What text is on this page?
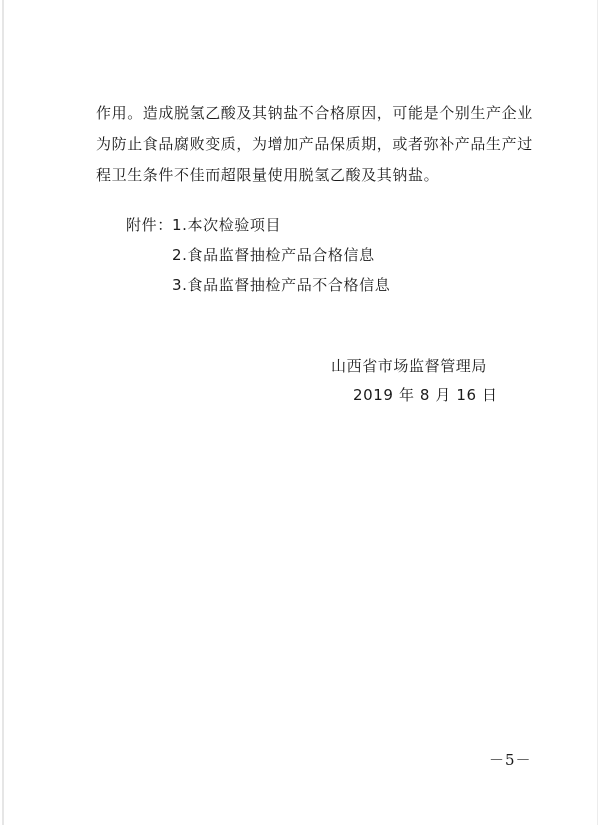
作用。造成脱氢乙酸及其钠盐不合格原因，可能是个别生产企业
为防止食品腐败变质，为增加产品保质期，或者弥补产品生产过
程卫生条件不佳而超限量使用脱氢乙酸及其钠盐。
附件： 1.本次检验项目
2.食品监督抽检产品合格信息
3.食品监督抽检产品不合格信息
山西省市场监督管理局
2019 年 8 月 16 日
－5－
